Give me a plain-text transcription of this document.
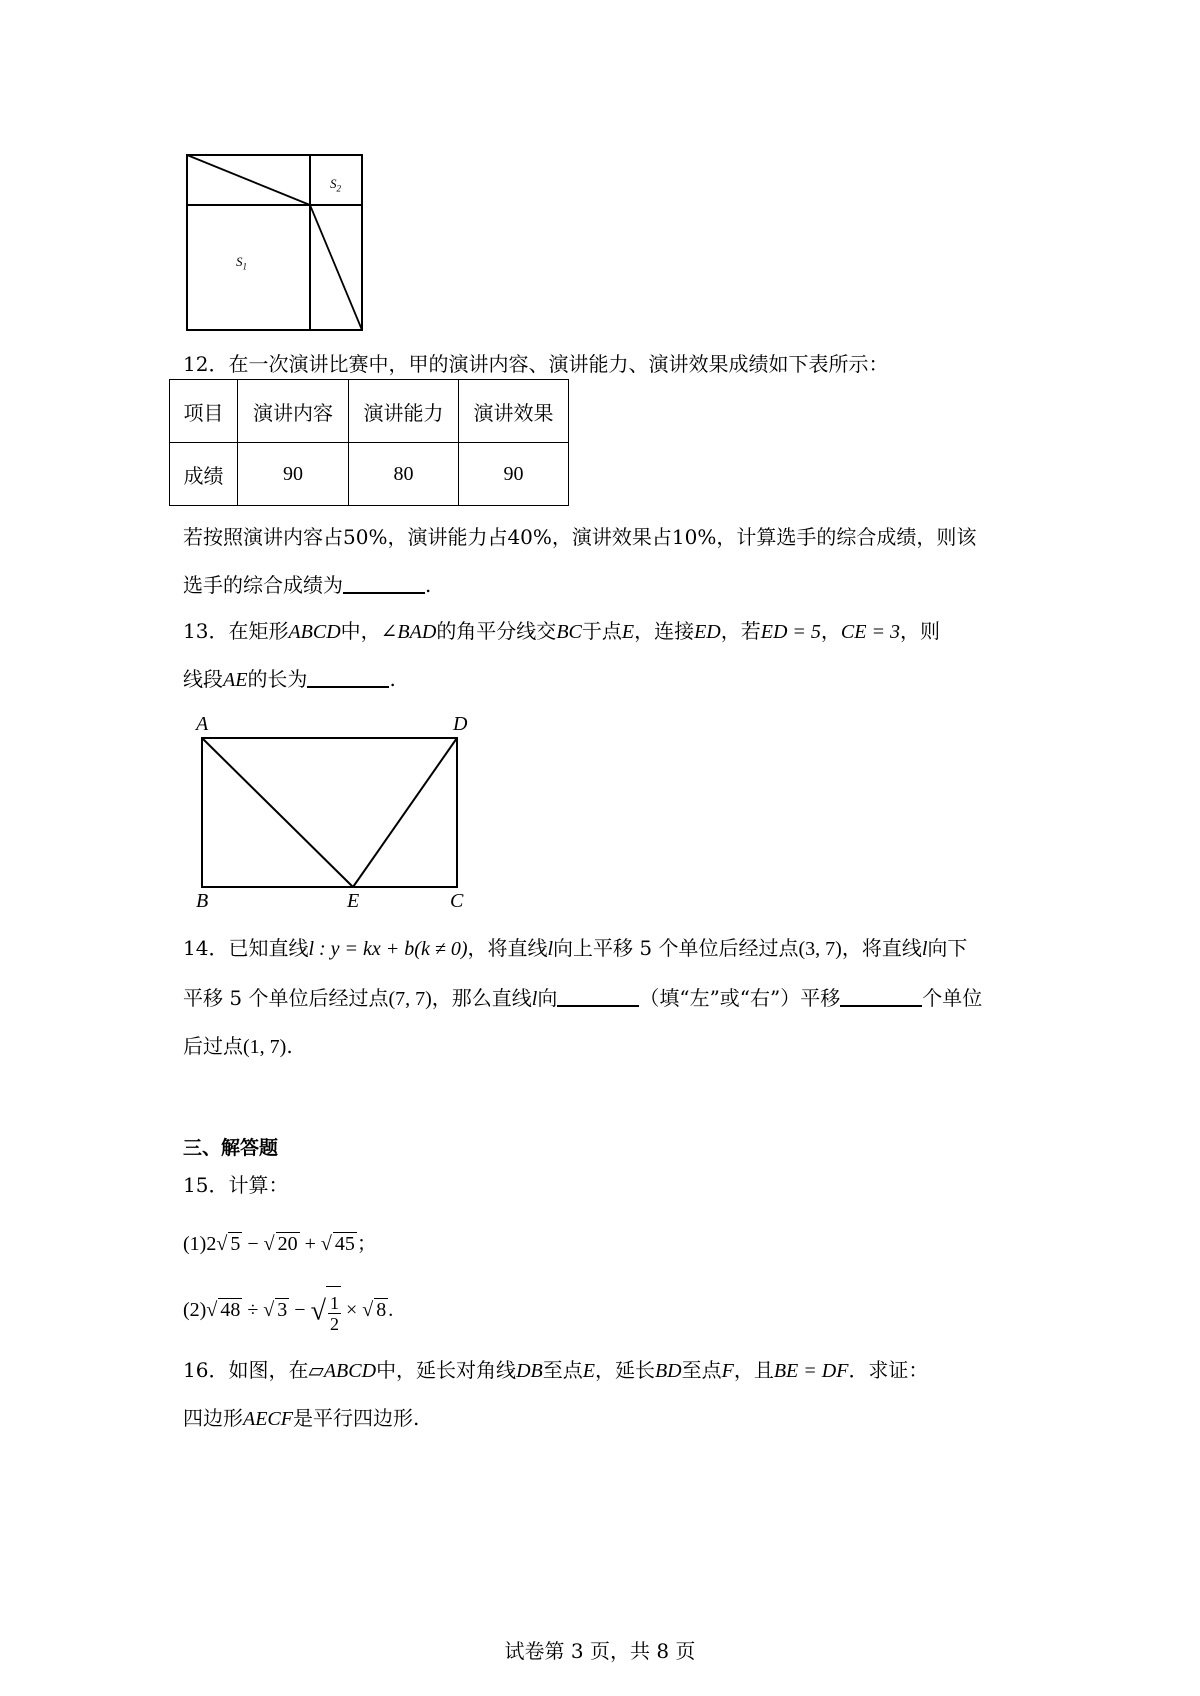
$S_2$
$S_1$
12．在一次演讲比赛中，甲的演讲内容、演讲能力、演讲效果成绩如下表所示：
项目	演讲内容	演讲能力	演讲效果
成绩	90	80	90
若按照演讲内容占50%，演讲能力占40%，演讲效果占10%，计算选手的综合成绩，则该
选手的综合成绩为	.
13．在矩形ABCD中，∠BAD的角平分线交BC于点E，连接ED，若ED = 5，CE = 3，则
线段AE的长为	.
A	D
B	E	C
14．已知直线l : y = kx + b(k ≠ 0)，将直线l向上平移 5 个单位后经过点(3, 7)，将直线l向下
平移 5 个单位后经过点(7, 7)，那么直线l向	（填“左”或“右”）平移	个单位
后过点(1, 7).
三、解答题
15．计算：
(1)2√ 5 − √ 20 + √ 45 ；
(2)√ 48 ÷ √ 3 − √ $\frac{1}{2}$ × √ 8 .
16．如图，在▱ABCD中，延长对角线DB至点E，延长BD至点F，且BE = DF．求证：
四边形AECF是平行四边形.
试卷第 3 页，共 8 页
